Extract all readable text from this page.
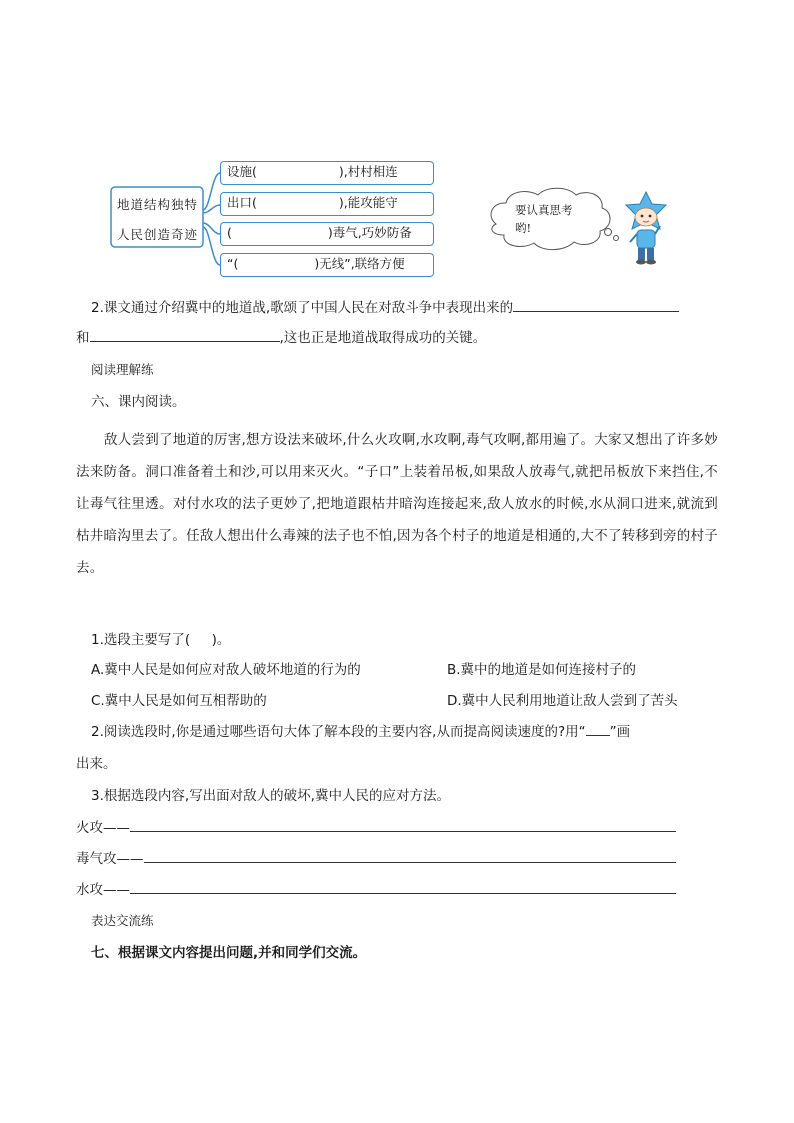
地道结构独特
人民创造奇迹
设施(	),村村相连
出口(	),能攻能守
(	)毒气,巧妙防备
“(	)无线”,联络方便
要认真思考哟!
2.课文通过介绍冀中的地道战,歌颂了中国人民在对敌斗争中表现出来的
和	,这也正是地道战取得成功的关键。
阅读理解练
六、课内阅读。
敌人尝到了地道的厉害,想方设法来破坏,什么火攻啊,水攻啊,毒气攻啊,都用遍了。大家又想出了许多妙法来防备。洞口准备着土和沙,可以用来灭火。“子口”上装着吊板,如果敌人放毒气,就把吊板放下来挡住,不让毒气往里透。对付水攻的法子更妙了,把地道跟枯井暗沟连接起来,敌人放水的时候,水从洞口进来,就流到枯井暗沟里去了。任敌人想出什么毒辣的法子也不怕,因为各个村子的地道是相通的,大不了转移到旁的村子去。
1.选段主要写了(     )。
A.冀中人民是如何应对敌人破坏地道的行为的	B.冀中的地道是如何连接村子的
C.冀中人民是如何互相帮助的	D.冀中人民利用地道让敌人尝到了苦头
2.阅读选段时,你是通过哪些语句大体了解本段的主要内容,从而提高阅读速度的?用“ ”画
出来。
3.根据选段内容,写出面对敌人的破坏,冀中人民的应对方法。
火攻——
毒气攻——
水攻——
表达交流练
七、根据课文内容提出问题,并和同学们交流。
